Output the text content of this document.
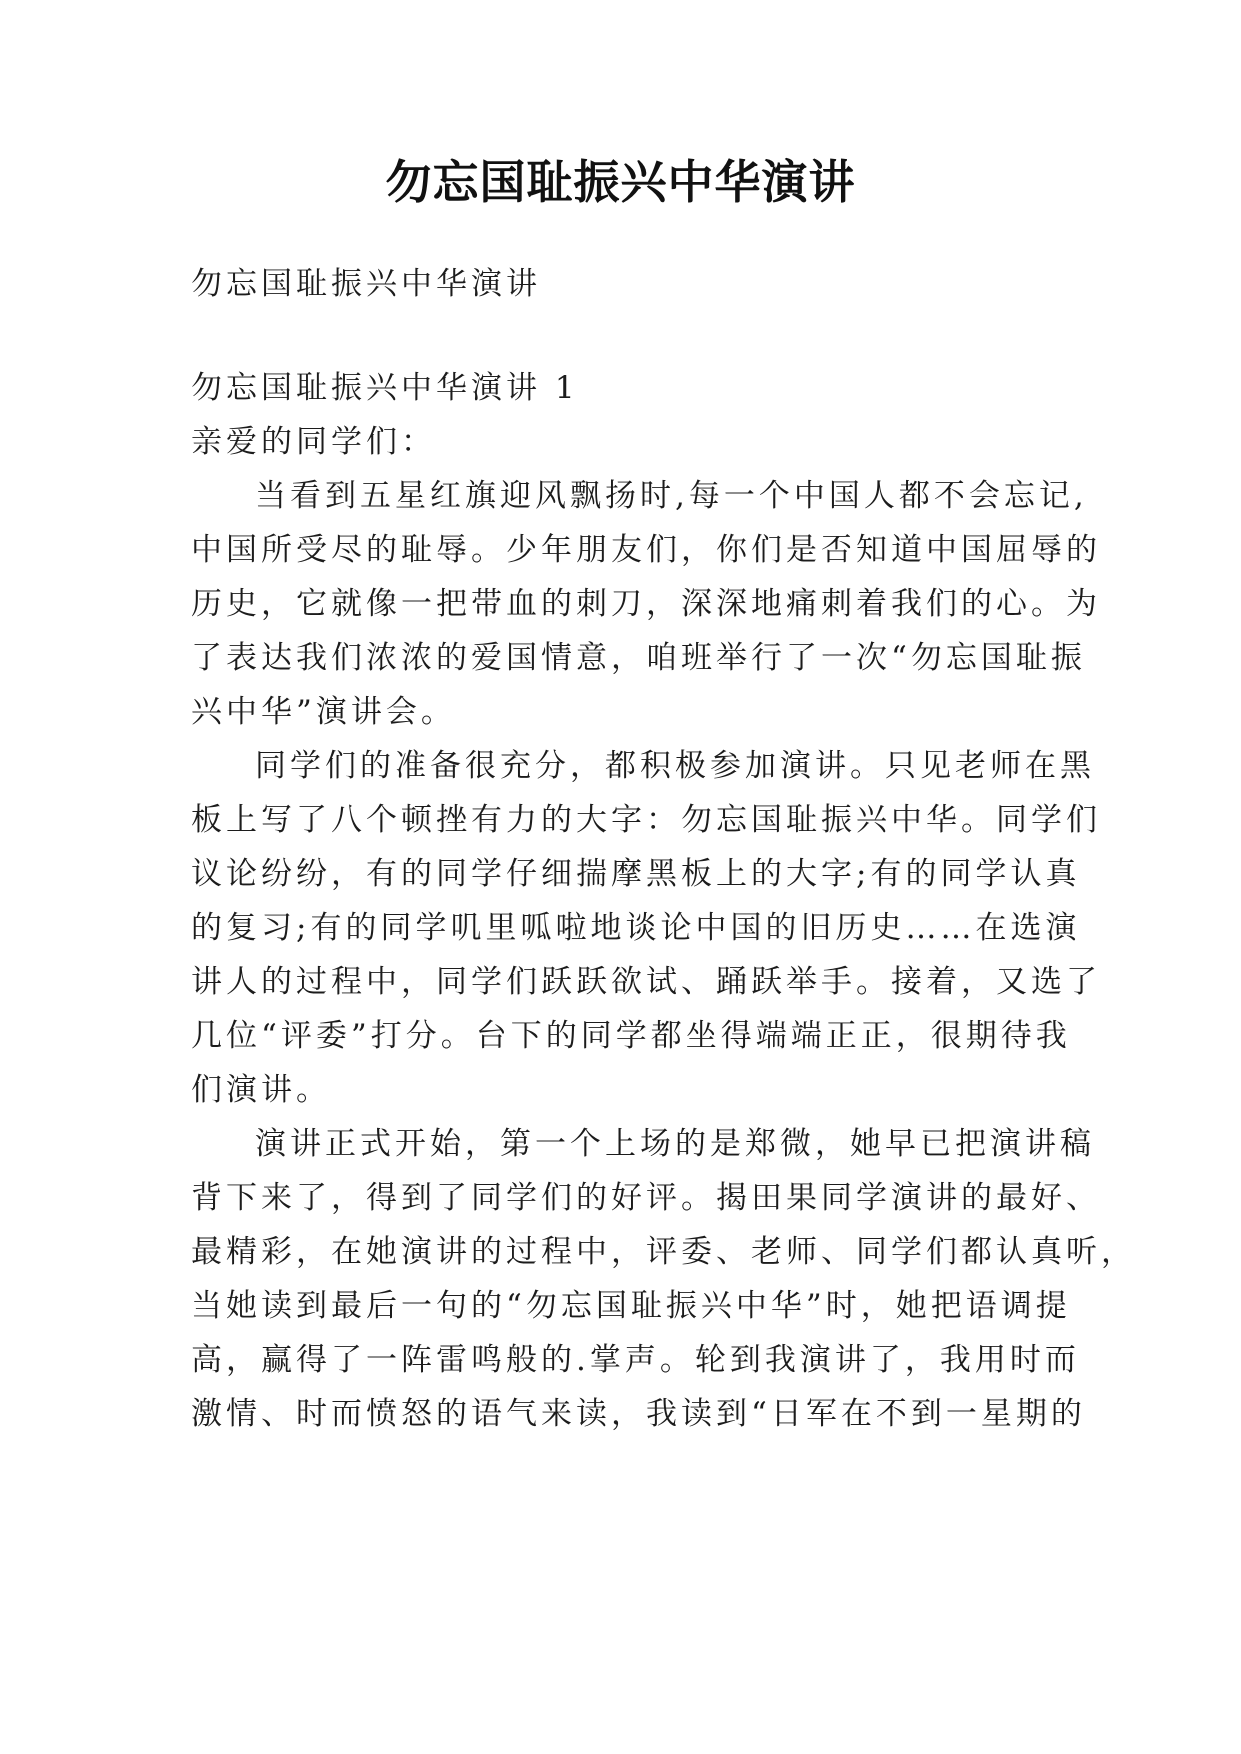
勿忘国耻振兴中华演讲
勿忘国耻振兴中华演讲
勿忘国耻振兴中华演讲 1
亲爱的同学们：
当看到五星红旗迎风飘扬时,每一个中国人都不会忘记,
中国所受尽的耻辱。少年朋友们，你们是否知道中国屈辱的
历史，它就像一把带血的刺刀，深深地痛刺着我们的心。为
了表达我们浓浓的爱国情意，咱班举行了一次“勿忘国耻振
兴中华”演讲会。
同学们的准备很充分，都积极参加演讲。只见老师在黑
板上写了八个顿挫有力的大字：勿忘国耻振兴中华。同学们
议论纷纷，有的同学仔细揣摩黑板上的大字;有的同学认真
的复习;有的同学叽里呱啦地谈论中国的旧历史……在选演
讲人的过程中，同学们跃跃欲试、踊跃举手。接着，又选了
几位“评委”打分。台下的同学都坐得端端正正，很期待我
们演讲。
演讲正式开始，第一个上场的是郑微，她早已把演讲稿
背下来了，得到了同学们的好评。揭田果同学演讲的最好、
最精彩，在她演讲的过程中，评委、老师、同学们都认真听，
当她读到最后一句的“勿忘国耻振兴中华”时，她把语调提
高，赢得了一阵雷鸣般的.掌声。轮到我演讲了，我用时而
激情、时而愤怒的语气来读，我读到“日军在不到一星期的
